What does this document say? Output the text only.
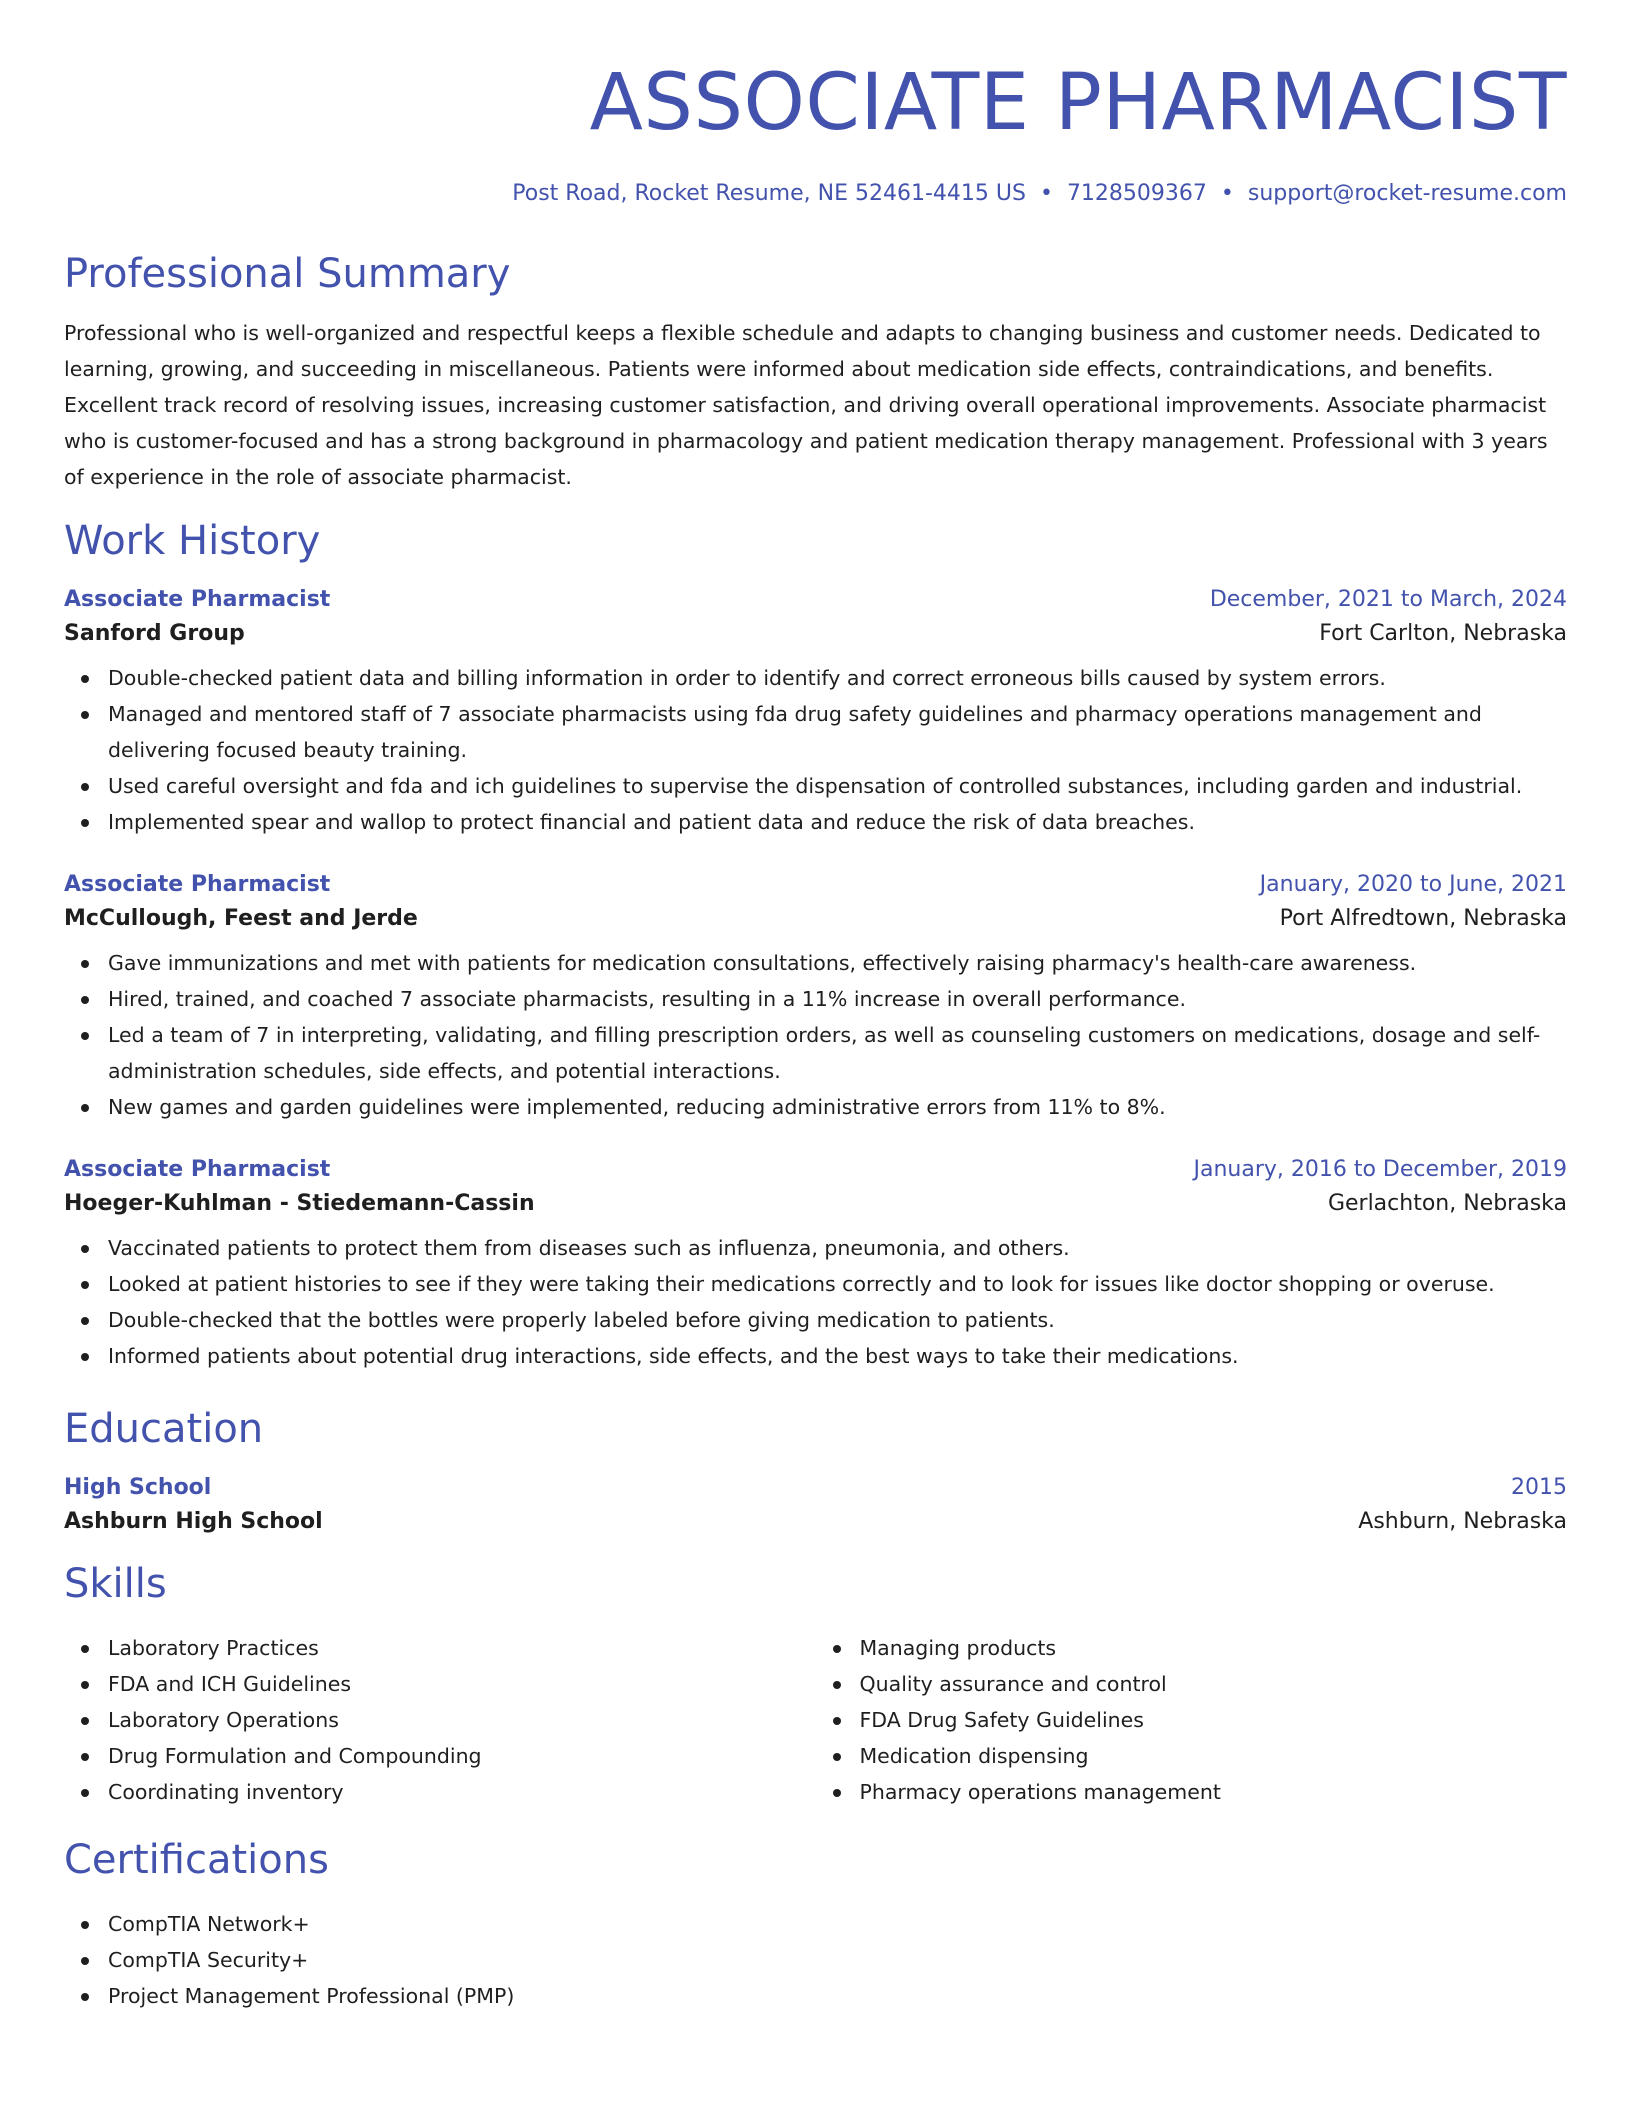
ASSOCIATE PHARMACIST
Post Road, Rocket Resume, NE 52461-4415 US • 7128509367 • support@rocket-resume.com
Professional Summary

Professional who is well-organized and respectful keeps a flexible schedule and adapts to changing business and customer needs. Dedicated to learning, growing, and succeeding in miscellaneous. Patients were informed about medication side effects, contraindications, and benefits. Excellent track record of resolving issues, increasing customer satisfaction, and driving overall operational improvements. Associate pharmacist who is customer-focused and has a strong background in pharmacology and patient medication therapy management. Professional with 3 years of experience in the role of associate pharmacist.

Work History
Associate Pharmacist	December, 2021 to March, 2024
Sanford Group	Fort Carlton, Nebraska
Double-checked patient data and billing information in order to identify and correct erroneous bills caused by system errors.
Managed and mentored staff of 7 associate pharmacists using fda drug safety guidelines and pharmacy operations management and delivering focused beauty training.
Used careful oversight and fda and ich guidelines to supervise the dispensation of controlled substances, including garden and industrial.
Implemented spear and wallop to protect financial and patient data and reduce the risk of data breaches.
Associate Pharmacist	January, 2020 to June, 2021
McCullough, Feest and Jerde	Port Alfredtown, Nebraska
Gave immunizations and met with patients for medication consultations, effectively raising pharmacy's health-care awareness.
Hired, trained, and coached 7 associate pharmacists, resulting in a 11% increase in overall performance.
Led a team of 7 in interpreting, validating, and filling prescription orders, as well as counseling customers on medications, dosage and self-administration schedules, side effects, and potential interactions.
New games and garden guidelines were implemented, reducing administrative errors from 11% to 8%.
Associate Pharmacist	January, 2016 to December, 2019
Hoeger-Kuhlman - Stiedemann-Cassin	Gerlachton, Nebraska
Vaccinated patients to protect them from diseases such as influenza, pneumonia, and others.
Looked at patient histories to see if they were taking their medications correctly and to look for issues like doctor shopping or overuse.
Double-checked that the bottles were properly labeled before giving medication to patients.
Informed patients about potential drug interactions, side effects, and the best ways to take their medications.
Education
High School	2015
Ashburn High School	Ashburn, Nebraska
Skills
Laboratory Practices
FDA and ICH Guidelines
Laboratory Operations
Drug Formulation and Compounding
Coordinating inventory
Managing products
Quality assurance and control
FDA Drug Safety Guidelines
Medication dispensing
Pharmacy operations management
Certifications
CompTIA Network+
CompTIA Security+
Project Management Professional (PMP)
